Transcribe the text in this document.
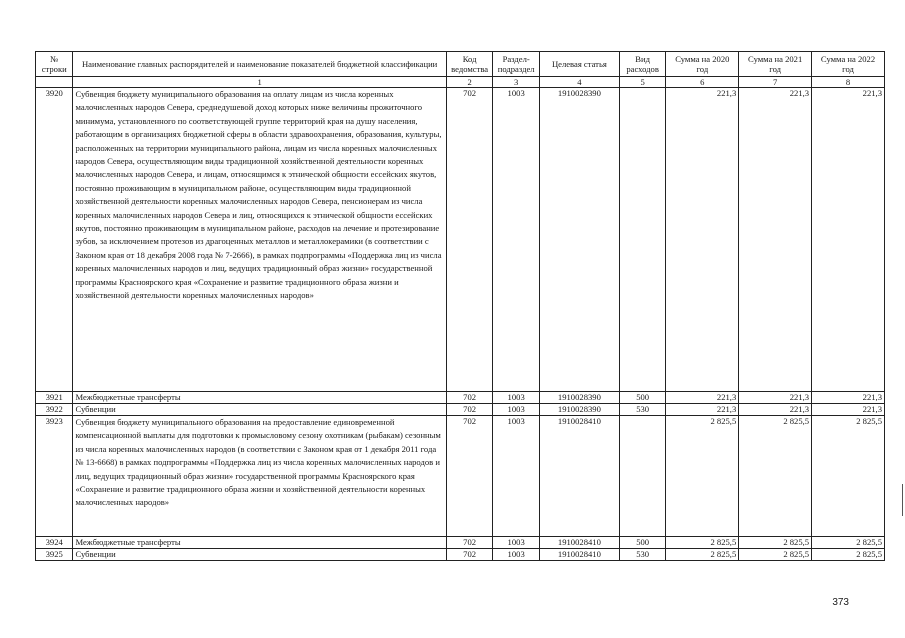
№ строки	Наименование главных распорядителей и наименование показателей бюджетной классификации	Код ведомства	Раздел-подраздел	Целевая статья	Вид расходов	Сумма на 2020 год	Сумма на 2021 год	Сумма на 2022 год
	1	2	3	4	5	6	7	8
3920	Субвенция бюджету муниципального образования на оплату лицам из числа коренных малочисленных народов Севера, среднедушевой доход которых ниже величины прожиточного минимума, установленного по соответствующей группе территорий края на душу населения, работающим в организациях бюджетной сферы в области здравоохранения, образования, культуры, расположенных на территории муниципального района, лицам из числа коренных малочисленных народов Севера, осуществляющим виды традиционной хозяйственной деятельности коренных малочисленных народов Севера, и лицам, относящимся к этнической общности ессейских якутов, постоянно проживающим в муниципальном районе, осуществляющим виды традиционной хозяйственной деятельности коренных малочисленных народов Севера, пенсионерам из числа коренных малочисленных народов Севера и лиц, относящихся к этнической общности ессейских якутов, постоянно проживающим в муниципальном районе, расходов на лечение и протезирование зубов, за исключением протезов из драгоценных металлов и металлокерамики (в соответствии с Законом края от 18 декабря 2008 года № 7-2666), в рамках подпрограммы «Поддержка лиц из числа коренных малочисленных народов и лиц, ведущих традиционный образ жизни» государственной программы Красноярского края «Сохранение и развитие традиционного образа жизни и хозяйственной деятельности коренных малочисленных народов»	702	1003	1910028390		221,3	221,3	221,3
3921	Межбюджетные трансферты	702	1003	1910028390	500	221,3	221,3	221,3
3922	Субвенции	702	1003	1910028390	530	221,3	221,3	221,3
3923	Субвенция бюджету муниципального образования на предоставление единовременной компенсационной выплаты для подготовки к промысловому сезону охотникам (рыбакам) сезонным из числа коренных малочисленных народов (в соответствии с Законом края от 1 декабря 2011 года № 13-6668) в рамках подпрограммы «Поддержка лиц из числа коренных малочисленных народов и лиц, ведущих традиционный образ жизни» государственной программы Красноярского края «Сохранение и развитие традиционного образа жизни и хозяйственной деятельности коренных малочисленных народов»	702	1003	1910028410		2 825,5	2 825,5	2 825,5
3924	Межбюджетные трансферты	702	1003	1910028410	500	2 825,5	2 825,5	2 825,5
3925	Субвенции	702	1003	1910028410	530	2 825,5	2 825,5	2 825,5
373
